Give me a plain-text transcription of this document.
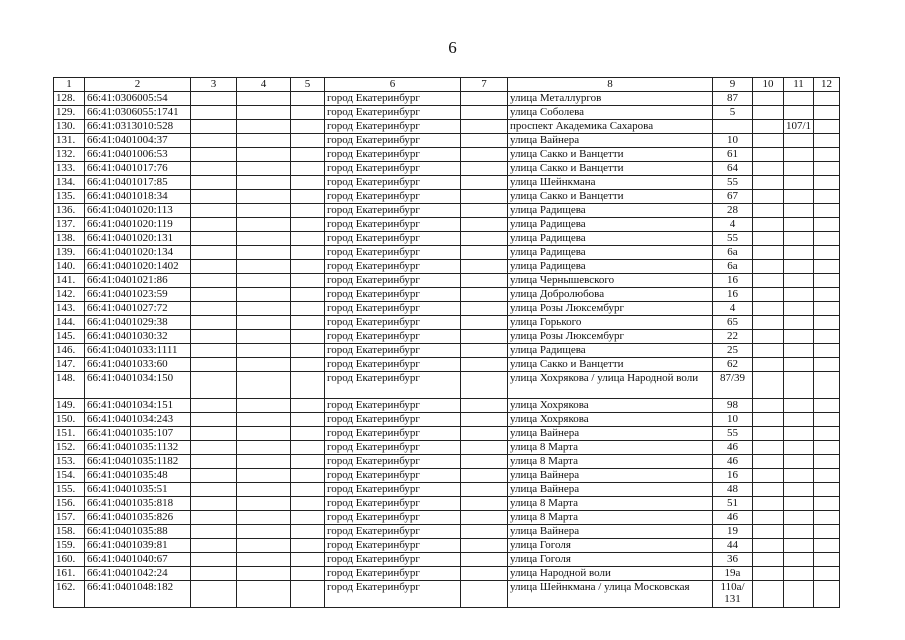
6
1	2	3	4	5	6	7	8	9	10	11	12
128.	66:41:0306005:54				город Екатеринбург		улица Металлургов	87			
129.	66:41:0306055:1741				город Екатеринбург		улица Соболева	5			
130.	66:41:0313010:528				город Екатеринбург		проспект Академика Сахарова			107/1	
131.	66:41:0401004:37				город Екатеринбург		улица Вайнера	10			
132.	66:41:0401006:53				город Екатеринбург		улица Сакко и Ванцетти	61			
133.	66:41:0401017:76				город Екатеринбург		улица Сакко и Ванцетти	64			
134.	66:41:0401017:85				город Екатеринбург		улица Шейнкмана	55			
135.	66:41:0401018:34				город Екатеринбург		улица Сакко и Ванцетти	67			
136.	66:41:0401020:113				город Екатеринбург		улица Радищева	28			
137.	66:41:0401020:119				город Екатеринбург		улица Радищева	4			
138.	66:41:0401020:131				город Екатеринбург		улица Радищева	55			
139.	66:41:0401020:134				город Екатеринбург		улица Радищева	6а			
140.	66:41:0401020:1402				город Екатеринбург		улица Радищева	6а			
141.	66:41:0401021:86				город Екатеринбург		улица Чернышевского	16			
142.	66:41:0401023:59				город Екатеринбург		улица Добролюбова	16			
143.	66:41:0401027:72				город Екатеринбург		улица Розы Люксембург	4			
144.	66:41:0401029:38				город Екатеринбург		улица Горького	65			
145.	66:41:0401030:32				город Екатеринбург		улица Розы Люксембург	22			
146.	66:41:0401033:1111				город Екатеринбург		улица Радищева	25			
147.	66:41:0401033:60				город Екатеринбург		улица Сакко и Ванцетти	62			
148.	66:41:0401034:150				город Екатеринбург		улица Хохрякова / улица Народной воли	87/39			
149.	66:41:0401034:151				город Екатеринбург		улица Хохрякова	98			
150.	66:41:0401034:243				город Екатеринбург		улица Хохрякова	10			
151.	66:41:0401035:107				город Екатеринбург		улица Вайнера	55			
152.	66:41:0401035:1132				город Екатеринбург		улица 8 Марта	46			
153.	66:41:0401035:1182				город Екатеринбург		улица 8 Марта	46			
154.	66:41:0401035:48				город Екатеринбург		улица Вайнера	16			
155.	66:41:0401035:51				город Екатеринбург		улица Вайнера	48			
156.	66:41:0401035:818				город Екатеринбург		улица 8 Марта	51			
157.	66:41:0401035:826				город Екатеринбург		улица 8 Марта	46			
158.	66:41:0401035:88				город Екатеринбург		улица Вайнера	19			
159.	66:41:0401039:81				город Екатеринбург		улица Гоголя	44			
160.	66:41:0401040:67				город Екатеринбург		улица Гоголя	36			
161.	66:41:0401042:24				город Екатеринбург		улица Народной воли	19а			
162.	66:41:0401048:182				город Екатеринбург		улица Шейнкмана / улица Московская	110а/ 131			
